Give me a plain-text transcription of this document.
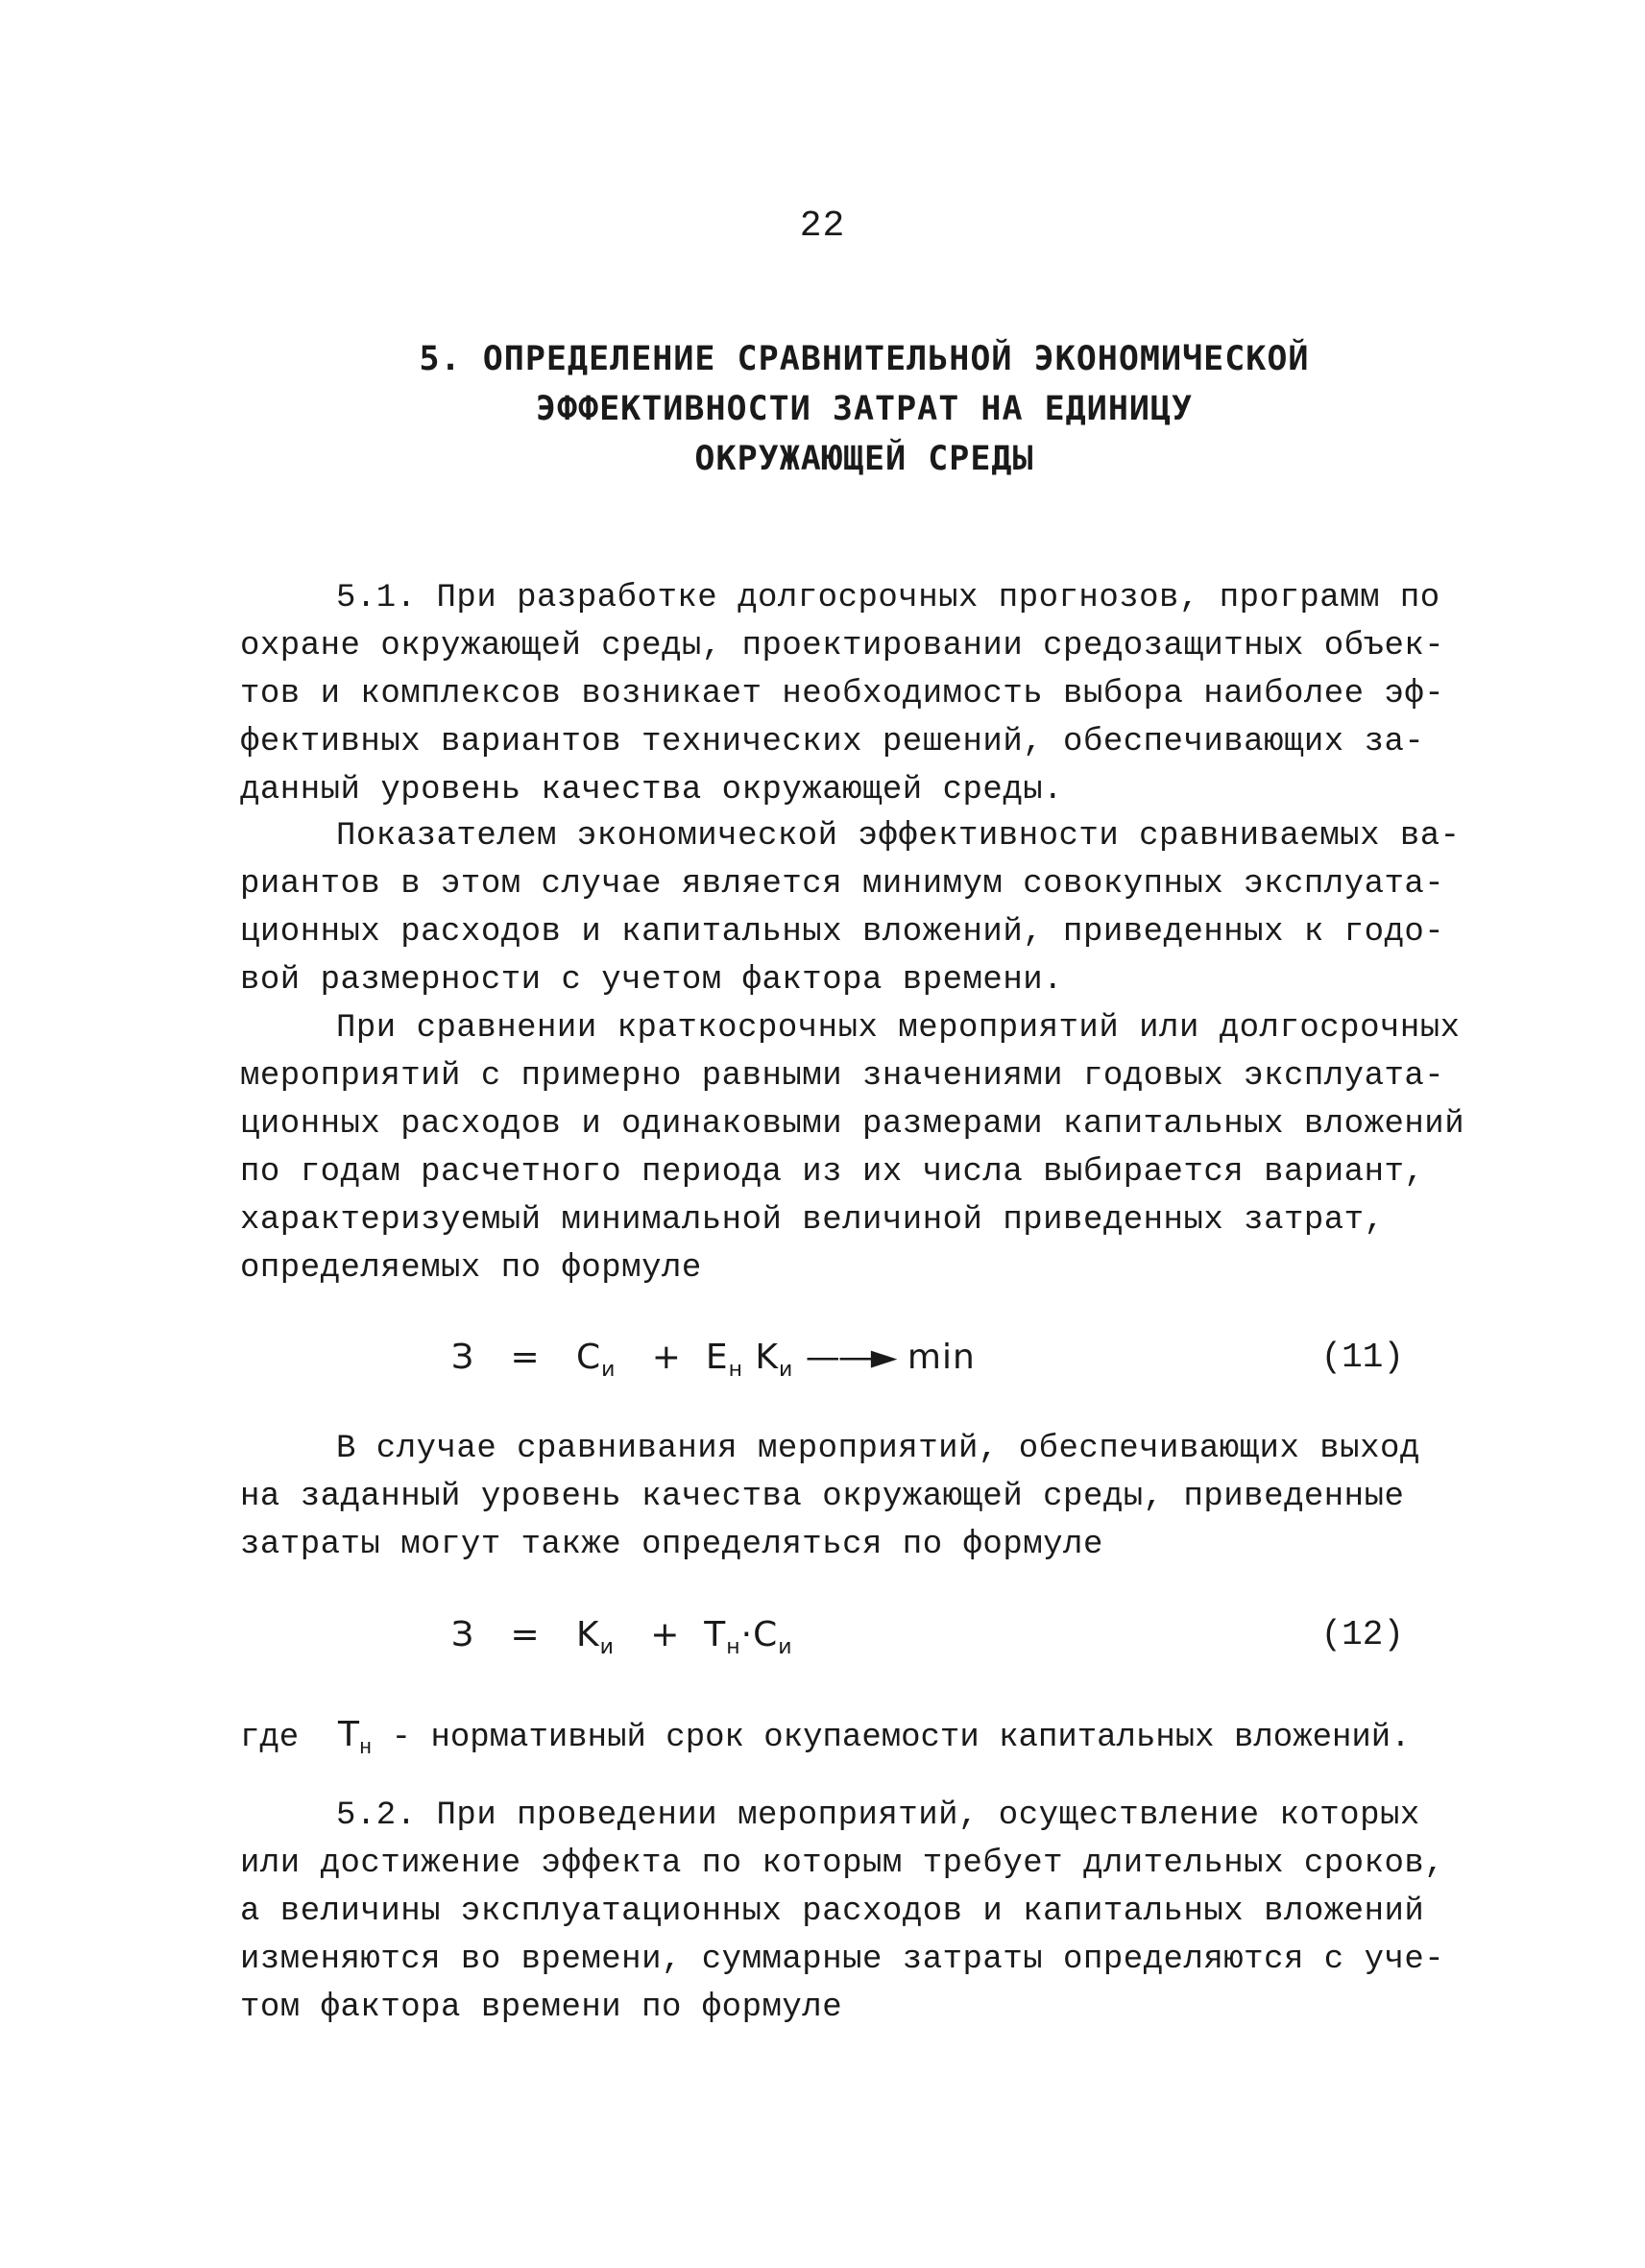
22
5. ОПРЕДЕЛЕНИЕ СРАВНИТЕЛЬНОЙ ЭКОНОМИЧЕСКОЙ
ЭФФЕКТИВНОСТИ ЗАТРАТ НА ЕДИНИЦУ
ОКРУЖАЮЩЕЙ СРЕДЫ
5.1. При разработке долгосрочных прогнозов, программ по
охране окружающей среды, проектировании средозащитных объек-
тов и комплексов возникает необходимость выбора наиболее эф-
фективных вариантов технических решений, обеспечивающих за-
данный уровень качества окружающей среды.
Показателем экономической эффективности сравниваемых ва-
риантов в этом случае является минимум совокупных эксплуата-
ционных расходов и капитальных вложений, приведенных к годо-
вой размерности с учетом фактора времени.
При сравнении краткосрочных мероприятий или долгосрочных
мероприятий с примерно равными значениями годовых эксплуата-
ционных расходов и одинаковыми размерами капитальных вложений
по годам расчетного периода из их числа выбирается вариант,
характеризуемый минимальной величиной приведенных затрат,
определяемых по формуле
$З = C_и + E_н$ $K_и$ ——► min	(11)
В случае сравнивания мероприятий, обеспечивающих выход
на заданный уровень качества окружающей среды, приведенные
затраты могут также определяться по формуле
$З = K_и + T_н\cdot C_и$	(12)
где $T_н$ - нормативный срок окупаемости капитальных вложений.
5.2. При проведении мероприятий, осуществление которых
или достижение эффекта по которым требует длительных сроков,
а величины эксплуатационных расходов и капитальных вложений
изменяются во времени, суммарные затраты определяются с уче-
том фактора времени по формуле
